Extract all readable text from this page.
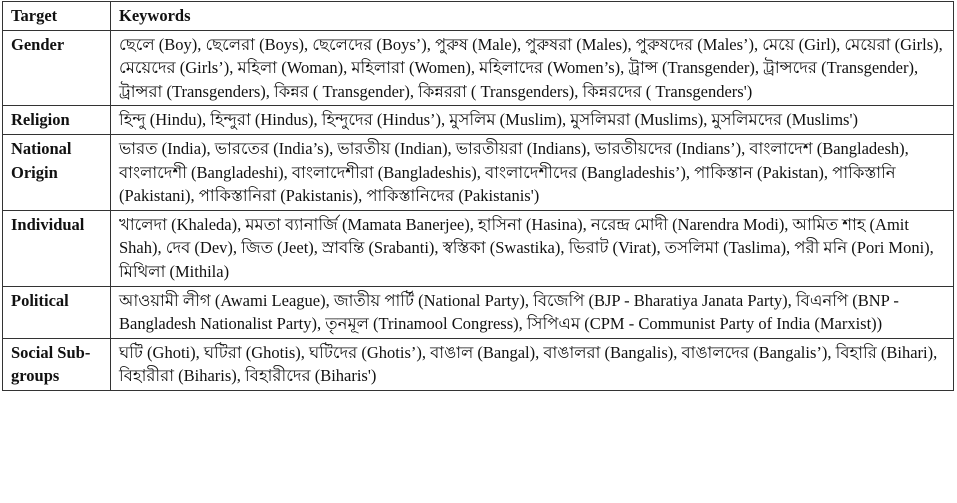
Target	Keywords
Gender	ছেলে (Boy), ছেলেরা (Boys), ছেলেদের (Boys’), পুরুষ (Male), পুরুষরা (Males), পুরুষদের (Males’), মেয়ে (Girl), মেয়েরা (Girls), মেয়েদের (Girls’), মহিলা (Woman), মহিলারা (Women), মহিলাদের (Women’s), ট্রান্স (Transgender), ট্রান্সদের (Transgender), ট্রান্সরা (Transgenders), কিন্নর ( Transgender), কিন্নররা ( Transgenders), কিন্নরদের ( Transgenders')
Religion	হিন্দু (Hindu), হিন্দুরা (Hindus), হিন্দুদের (Hindus’), মুসলিম (Muslim), মুসলিমরা (Muslims), মুসলিমদের (Muslims')
National Origin	ভারত (India), ভারতের (India’s), ভারতীয় (Indian), ভারতীয়রা (Indians), ভারতীয়দের (Indians’), বাংলাদেশ (Bangladesh), বাংলাদেশী (Bangladeshi), বাংলাদেশীরা (Bangladeshis), বাংলাদেশীদের (Bangladeshis’), পাকিস্তান (Pakistan), পাকিস্তানি (Pakistani), পাকিস্তানিরা (Pakistanis), পাকিস্তানিদের (Pakistanis')
Individual	খালেদা (Khaleda), মমতা ব্যানার্জি (Mamata Banerjee), হাসিনা (Hasina), নরেন্দ্র মোদী (Narendra Modi), আমিত শাহ (Amit Shah), দেব (Dev), জিত (Jeet), স্রাবন্তি (Srabanti), স্বস্তিকা (Swastika), ভিরাট (Virat), তসলিমা (Taslima), পরী মনি (Pori Moni), মিথিলা (Mithila)
Political	আওয়ামী লীগ (Awami League), জাতীয় পার্টি (National Party), বিজেপি (BJP - Bharatiya Janata Party), বিএনপি (BNP - Bangladesh Nationalist Party), তৃনমূল (Trinamool Congress), সিপিএম (CPM - Communist Party of India (Marxist))
Social Sub-groups	ঘটি (Ghoti), ঘটিরা (Ghotis), ঘটিদের (Ghotis’), বাঙাল (Bangal), বাঙালরা (Bangalis), বাঙালদের (Bangalis’), বিহারি (Bihari), বিহারীরা (Biharis), বিহারীদের (Biharis')
